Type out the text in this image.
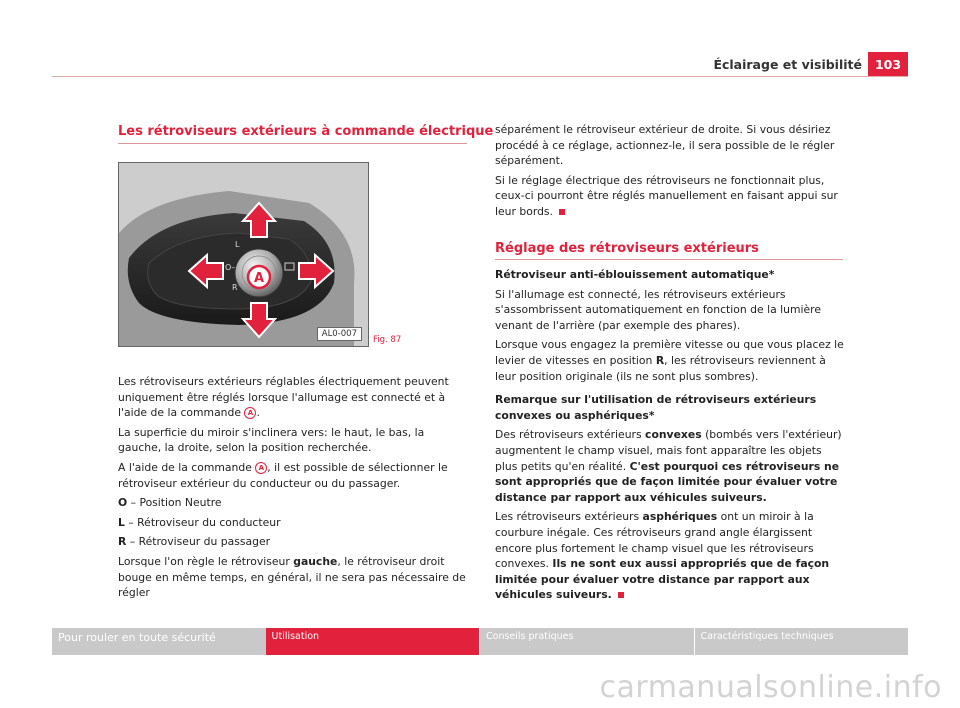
Éclairage et visibilité	103
Les rétroviseurs extérieurs à commande électrique
A
L
O–
R
AL0-007
Fig. 87

Les rétroviseurs extérieurs réglables électriquement peuvent uniquement être réglés lorsque l'allumage est connecté et à l'aide de la commande A .

La superficie du miroir s'inclinera vers: le haut, le bas, la gauche, la droite, selon la position recherchée.

A l'aide de la commande A , il est possible de sélectionner le rétroviseur extérieur du conducteur ou du passager.

O – Position Neutre

L – Rétroviseur du conducteur

R – Rétroviseur du passager

Lorsque l'on règle le rétroviseur gauche, le rétroviseur droit bouge en même temps, en général, il ne sera pas nécessaire de régler

séparément le rétroviseur extérieur de droite. Si vous désiriez procédé à ce réglage, actionnez-le, il sera possible de le régler séparément.

Si le réglage électrique des rétroviseurs ne fonctionnait plus, ceux-ci pourront être réglés manuellement en faisant appui sur leur bords.

Réglage des rétroviseurs extérieurs

Rétroviseur anti-éblouissement automatique*

Si l'allumage est connecté, les rétroviseurs extérieurs s'assombrissent automatiquement en fonction de la lumière venant de l'arrière (par exemple des phares).

Lorsque vous engagez la première vitesse ou que vous placez le levier de vitesses en position R, les rétroviseurs reviennent à leur position originale (ils ne sont plus sombres).

Remarque sur l'utilisation de rétroviseurs extérieurs convexes ou asphériques*

Des rétroviseurs extérieurs convexes (bombés vers l'extérieur) augmentent le champ visuel, mais font apparaître les objets plus petits qu'en réalité. C'est pourquoi ces rétroviseurs ne sont appropriés que de façon limitée pour évaluer votre distance par rapport aux véhicules suiveurs.

Les rétroviseurs extérieurs asphériques ont un miroir à la courbure inégale. Ces rétroviseurs grand angle élargissent encore plus fortement le champ visuel que les rétroviseurs convexes. Ils ne sont eux aussi appropriés que de façon limitée pour évaluer votre distance par rapport aux véhicules suiveurs.

Pour rouler en toute sécurité	Utilisation	Conseils pratiques	Caractéristiques techniques
carmanualsonline.info
